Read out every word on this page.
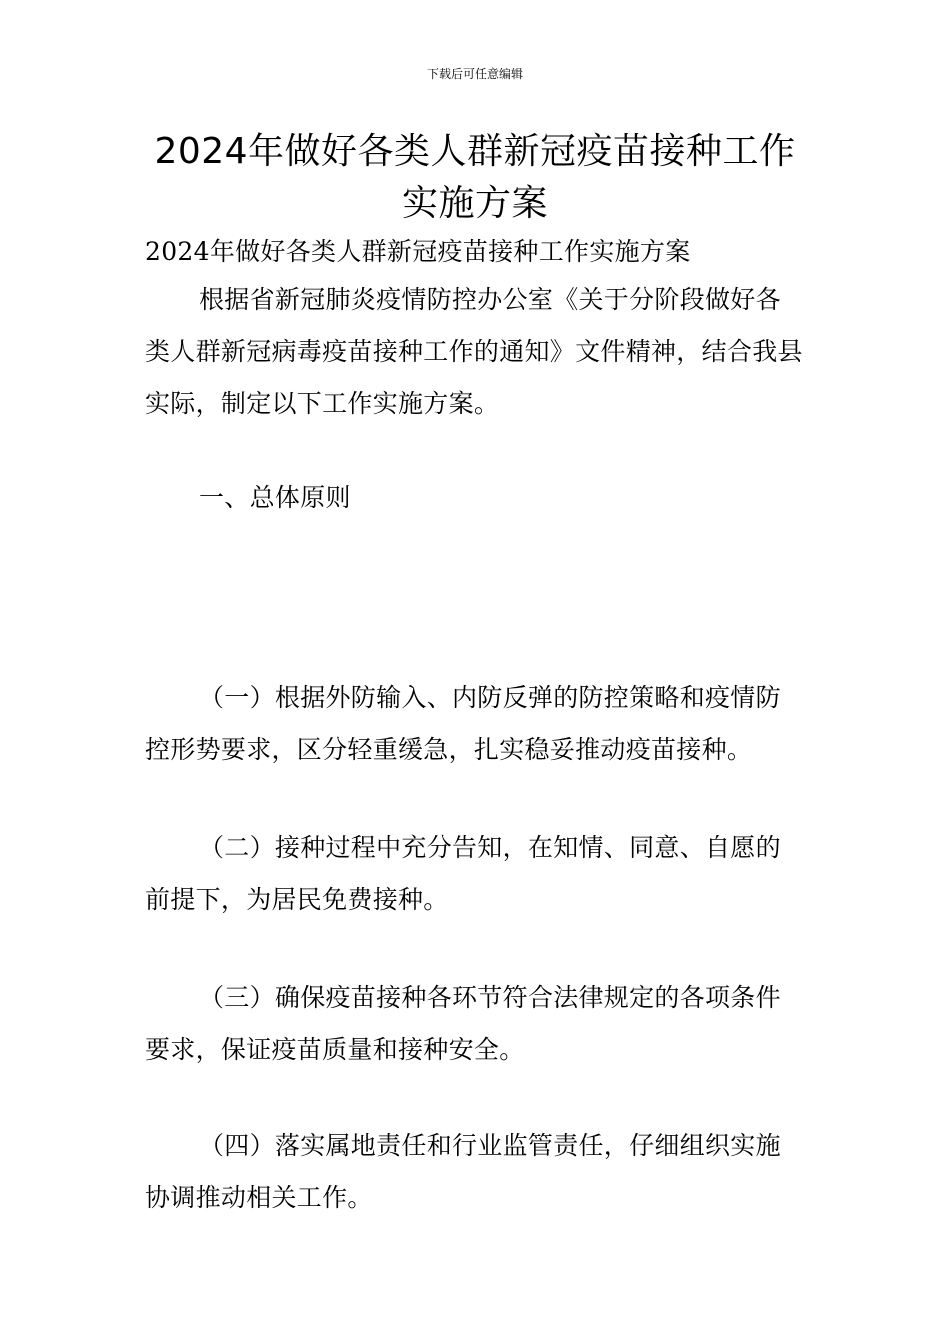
下载后可任意编辑
2024年做好各类人群新冠疫苗接种工作实施方案

2024年做好各类人群新冠疫苗接种工作实施方案

根据省新冠肺炎疫情防控办公室《关于分阶段做好各类人群新冠病毒疫苗接种工作的通知》文件精神，结合我县实际，制定以下工作实施方案。

一、总体原则

（一）根据外防输入、内防反弹的防控策略和疫情防控形势要求，区分轻重缓急，扎实稳妥推动疫苗接种。

（二）接种过程中充分告知，在知情、同意、自愿的前提下，为居民免费接种。

（三）确保疫苗接种各环节符合法律规定的各项条件要求，保证疫苗质量和接种安全。

（四）落实属地责任和行业监管责任，仔细组织实施协调推动相关工作。
